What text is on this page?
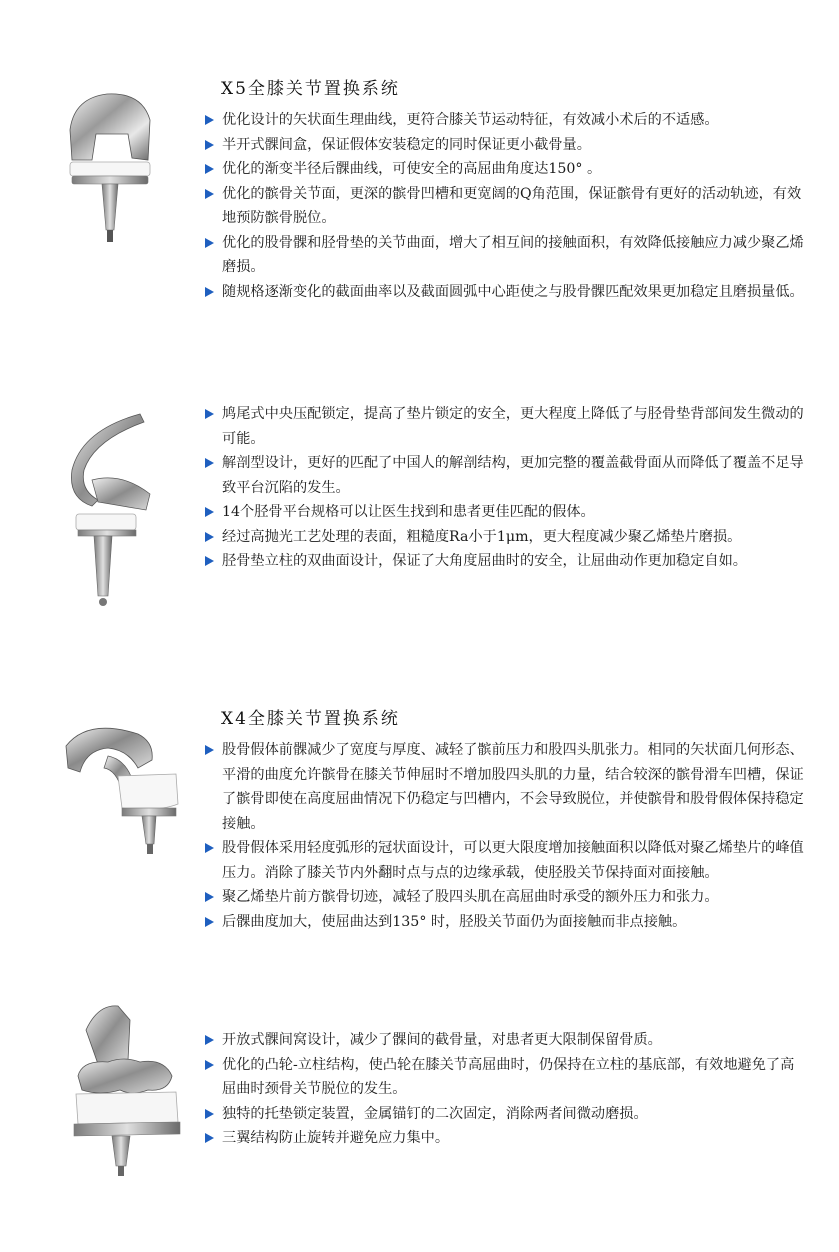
X5全膝关节置换系统
优化设计的矢状面生理曲线，更符合膝关节运动特征，有效减小术后的不适感。
半开式髁间盒，保证假体安装稳定的同时保证更小截骨量。
优化的渐变半径后髁曲线，可使安全的高屈曲角度达150° 。
优化的髌骨关节面，更深的髌骨凹槽和更宽阔的Q角范围，保证髌骨有更好的活动轨迹，有效地预防髌骨脱位。
优化的股骨髁和胫骨垫的关节曲面，增大了相互间的接触面积，有效降低接触应力减少聚乙烯磨损。
随规格逐渐变化的截面曲率以及截面圆弧中心距使之与股骨髁匹配效果更加稳定且磨损量低。
鸠尾式中央压配锁定，提高了垫片锁定的安全，更大程度上降低了与胫骨垫背部间发生微动的可能。
解剖型设计，更好的匹配了中国人的解剖结构，更加完整的覆盖截骨面从而降低了覆盖不足导致平台沉陷的发生。
14个胫骨平台规格可以让医生找到和患者更佳匹配的假体。
经过高抛光工艺处理的表面，粗糙度Ra小于1μm，更大程度减少聚乙烯垫片磨损。
胫骨垫立柱的双曲面设计，保证了大角度屈曲时的安全，让屈曲动作更加稳定自如。
X4全膝关节置换系统
股骨假体前髁减少了宽度与厚度、减轻了髌前压力和股四头肌张力。相同的矢状面几何形态、平滑的曲度允许髌骨在膝关节伸屈时不增加股四头肌的力量，结合较深的髌骨滑车凹槽，保证了髌骨即使在高度屈曲情况下仍稳定与凹槽内，不会导致脱位，并使髌骨和股骨假体保持稳定接触。
股骨假体采用轻度弧形的冠状面设计，可以更大限度增加接触面积以降低对聚乙烯垫片的峰值压力。消除了膝关节内外翻时点与点的边缘承载，使胫股关节保持面对面接触。
聚乙烯垫片前方髌骨切迹，减轻了股四头肌在高屈曲时承受的额外压力和张力。
后髁曲度加大，使屈曲达到135° 时，胫股关节面仍为面接触而非点接触。
开放式髁间窝设计，减少了髁间的截骨量，对患者更大限制保留骨质。
优化的凸轮-立柱结构，使凸轮在膝关节高屈曲时，仍保持在立柱的基底部，有效地避免了高屈曲时颈骨关节脱位的发生。
独特的托垫锁定装置，金属锚钉的二次固定，消除两者间微动磨损。
三翼结构防止旋转并避免应力集中。
